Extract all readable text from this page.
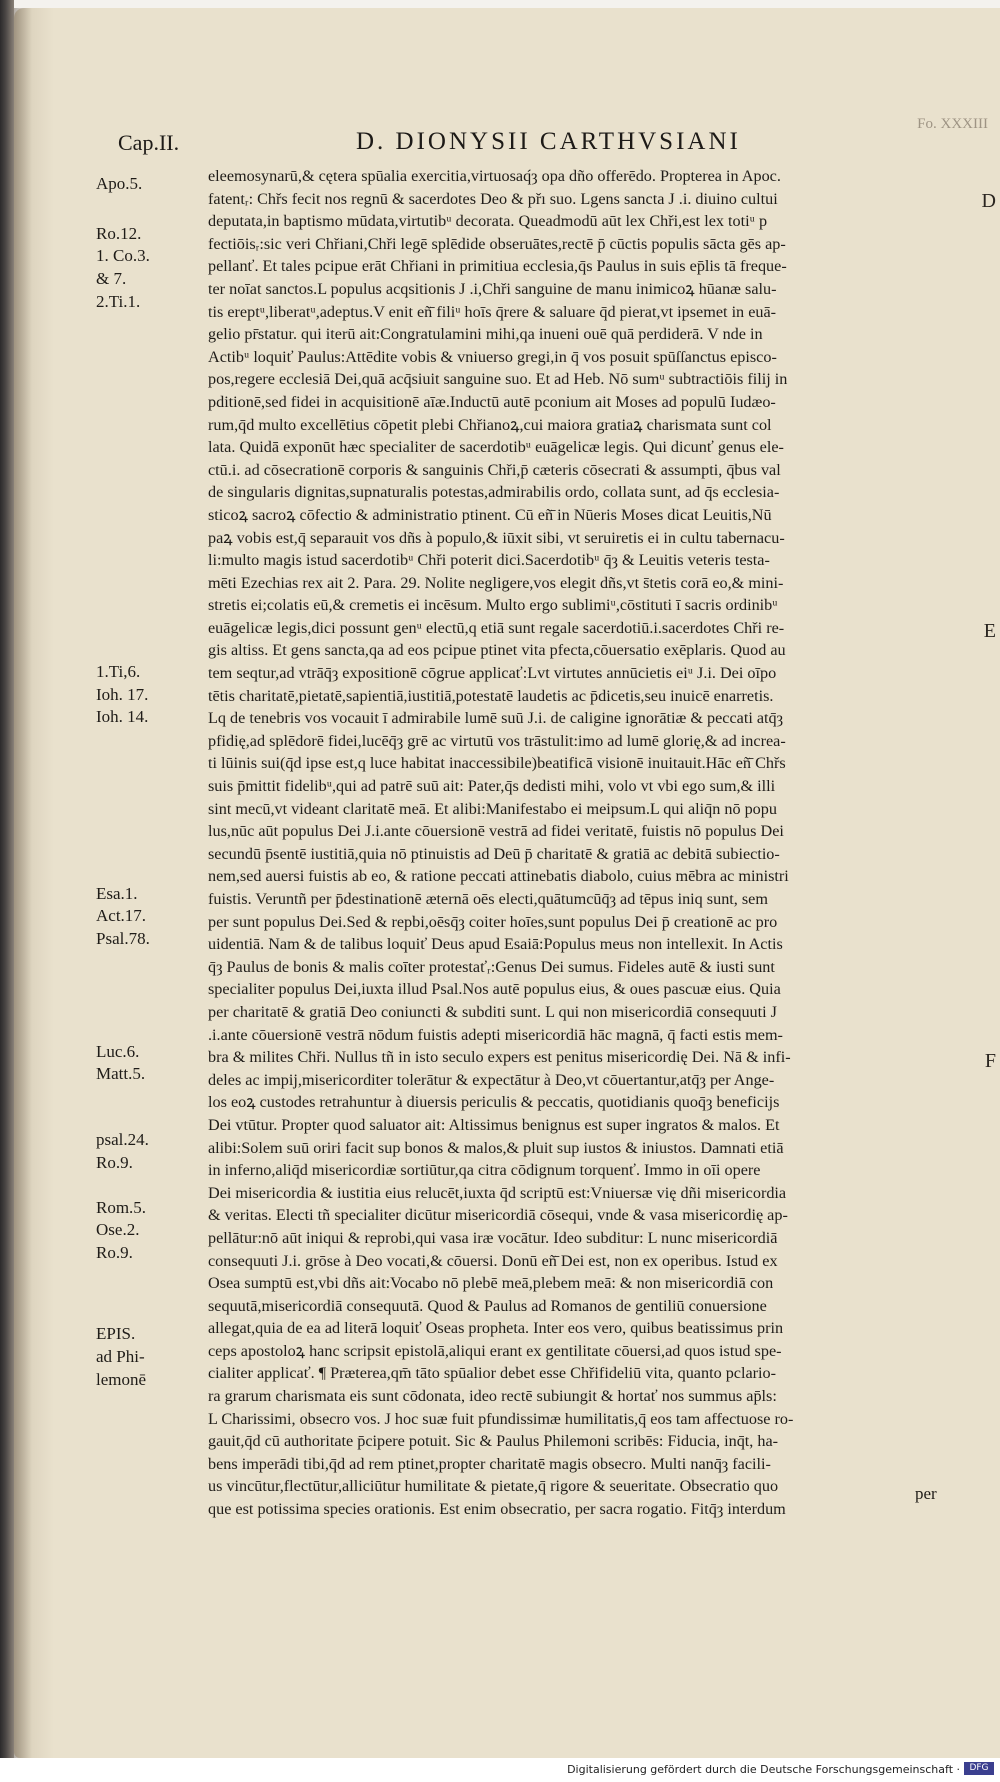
Cap.II.	D. DIONYSII CARTHVSIANI
Fo. XXXIII
Apo.5.
Ro.12.
1. Co.3.
& 7.
2.Ti.1.
1.Ti,6.
Ioh. 17.
Ioh. 14.
Esa.1.
Act.17.
Psal.78.
Luc.6.
Matt.5.
psal.24.
Ro.9.
Rom.5.
Ose.2.
Ro.9.
EPIS.
ad Phi-
lemonē
eleemosynarū,& cętera spūalia exercitia,virtuosaq́ȝ opa dño offerēdo. Propterea in Apoc.
fatentᵣ: Chřs fecit nos regnū & sacerdotes Deo & přı suo. Lgens sancta J .i. diuino cultui
deputata,in baptismo mūdata,virtutibᵘ decorata. Queadmodū aūt lex Chři,est lex totiᵘ p
fectiōisᵣ:sic veri Chřiani,Chři legē splēdide obseruātes,rectē p̄ cūctis populis sācta gēs ap-
pellanť. Et tales pcipue erāt Chřiani in primitiua ecclesia,q̄s Paulus in suis ep̄lis tā freque-
ter noīat sanctos.L populus acqsitionis J .i,Chři sanguine de manu inimicoꝝ hūanæ salu-
tis ereptᵘ,liberatᵘ,adeptus.V enit eñ̄ filiᵘ hoīs q̄rere & saluare q̄d pierat,vt ipsemet in euā-
gelio pr̄statur. qui iterū ait:Congratulamini mihi,qa inueni ouē quā perdiderā. V nde in
Actibᵘ loquiť Paulus:Attēdite vobis & vniuerso gregi,in q̄ vos posuit spūſſanctus episco-
pos,regere ecclesiā Dei,quā acq̄siuit sanguine suo. Et ad Heb. Nō sumᵘ subtractiōis filij in
pditionē,sed fidei in acquisitionē aīæ.Inductū autē pconium ait Moses ad populū Iudæo-
rum,q̄d multo excellētius cōpetit plebi Chřianoꝝ,cui maiora gratiaꝝ charismata sunt col
lata. Quidā exponūt hæc specialiter de sacerdotibᵘ euāgelicæ legis. Qui dicunť genus ele-
ctū.i. ad cōsecrationē corporis & sanguinis Chři,p̄ cæteris cōsecrati & assumpti, q̄bus val
de singularis dignitas,supnaturalis potestas,admirabilis ordo, collata sunt, ad q̄s ecclesia-
sticoꝝ sacroꝝ cōfectio & administratio ptinent. Cū eñ̄ in Nūeris Moses dicat Leuitis,Nū
paꝝ vobis est,q̄ separauit vos dñs à populo,& iūxit sibi, vt seruiretis ei in cultu tabernacu-
li:multo magis istud sacerdotibᵘ Chři poterit dici.Sacerdotibᵘ q̄ȝ & Leuitis veteris testa-
mēti Ezechias rex ait 2. Para. 29. Nolite negligere,vos elegit dñs,vt s̄tetis corā eo,& mini-
stretis ei;colatis eū,& cremetis ei incēsum. Multo ergo sublimiᵘ,cōstituti ī sacris ordinibᵘ
euāgelicæ legis,dici possunt genᵘ electū,q etiā sunt regale sacerdotiū.i.sacerdotes Chři re-
gis altiss. Et gens sancta,qa ad eos pcipue ptinet vita pfecta,cōuersatio exēplaris. Quod au
tem seqtur,ad vtrāq̄ȝ expositionē cōgrue applicať:Lvt virtutes annūcietis eiᵘ J.i. Dei oīpo
tētis charitatē,pietatē,sapientiā,iustitiā,potestatē laudetis ac p̄dicetis,seu inuicē enarretis.
Lq de tenebris vos vocauit ī admirabile lumē suū J.i. de caligine ignorātiæ & peccati atq̄ȝ
pfidię,ad splēdorē fidei,lucēq̄ȝ grē ac virtutū vos trāstulit:imo ad lumē glorię,& ad increa-
ti lūinis sui(q̄d ipse est,q luce habitat inaccessibile)beatificā visionē inuitauit.Hāc eñ̄ Chřs
suis p̄mittit fidelibᵘ,qui ad patrē suū ait: Pater,q̄s dedisti mihi, volo vt vbi ego sum,& illi
sint mecū,vt videant claritatē meā. Et alibi:Manifestabo ei meipsum.L qui aliq̄n nō popu
lus,nūc aūt populus Dei J.i.ante cōuersionē vestrā ad fidei veritatē, fuistis nō populus Dei
secundū p̄sentē iustitiā,quia nō ptinuistis ad Deū p̄ charitatē & gratiā ac debitā subiectio-
nem,sed auersi fuistis ab eo, & ratione peccati attinebatis diabolo, cuius mēbra ac ministri
fuistis. Veruntñ per p̄destinationē æternā oēs electi,quātumcūq̄ȝ ad tēpus iniq sunt, sem
per sunt populus Dei.Sed & repbi,oēsq̄ȝ coiter hoīes,sunt populus Dei p̄ creationē ac pro
uidentiā. Nam & de talibus loquiť Deus apud Esaiā:Populus meus non intellexit. In Actis
q̄ȝ Paulus de bonis & malis coīter protestaťᵣ:Genus Dei sumus. Fideles autē & iusti sunt
specialiter populus Dei,iuxta illud Psal.Nos autē populus eius, & oues pascuæ eius. Quia
per charitatē & gratiā Deo coniuncti & subditi sunt. L qui non misericordiā consequuti J
.i.ante cōuersionē vestrā nōdum fuistis adepti misericordiā hāc magnā, q̄ facti estis mem-
bra & milites Chři. Nullus tñ in isto seculo expers est penitus misericordię Dei. Nā & infi-
deles ac impij,misericorditer tolerātur & expectātur à Deo,vt cōuertantur,atq̄ȝ per Ange-
los eoꝝ custodes retrahuntur à diuersis periculis & peccatis, quotidianis quoq̄ȝ beneficijs
Dei vtūtur. Propter quod saluator ait: Altissimus benignus est super ingratos & malos. Et
alibi:Solem suū oriri facit sup bonos & malos,& pluit sup iustos & iniustos. Damnati etiā
in inferno,aliq̄d misericordiæ sortiūtur,qa citra cōdignum torquenť. Immo in oīi opere
Dei misericordia & iustitia eius relucēt,iuxta q̄d scriptū est:Vniuersæ vię dñi misericordia
& veritas. Electi tñ specialiter dicūtur misericordiā cōsequi, vnde & vasa misericordię ap-
pellātur:nō aūt iniqui & reprobi,qui vasa iræ vocātur. Ideo subditur: L nunc misericordiā
consequuti J.i. grōse à Deo vocati,& cōuersi. Donū eñ̄ Dei est, non ex operibus. Istud ex
Osea sumptū est,vbi dñs ait:Vocabo nō plebē meā,plebem meā: & non misericordiā con
sequutā,misericordiā consequutā. Quod & Paulus ad Romanos de gentiliū conuersione
allegat,quia de ea ad literā loquiť Oseas propheta. Inter eos vero, quibus beatissimus prin
ceps apostoloꝝ hanc scripsit epistolā,aliqui erant ex gentilitate cōuersi,ad quos istud spe-
cialiter applicať. ¶ Præterea,qm̄ tāto spūalior debet esse Chřifideliū vita, quanto pclario-
ra grarum charismata eis sunt cōdonata, ideo rectē subiungit & hortať nos summus ap̄ls:
L Charissimi, obsecro vos. J hoc suæ fuit pfundissimæ humilitatis,q̄ eos tam affectuose ro-
gauit,q̄d cū authoritate p̄cipere potuit. Sic & Paulus Philemoni scribēs: Fiducia, inq̄t, ha-
bens imperādi tibi,q̄d ad rem ptinet,propter charitatē magis obsecro. Multi nanq̄ȝ facili-
us vincūtur,flectūtur,alliciūtur humilitate & pietate,q̄ rigore & seueritate. Obsecratio quo
que est potissima species orationis. Est enim obsecratio, per sacra rogatio. Fitq̄ȝ interdum
D
E
F
per
Digitalisierung gefördert durch die Deutsche Forschungsgemeinschaft ·	DFG
